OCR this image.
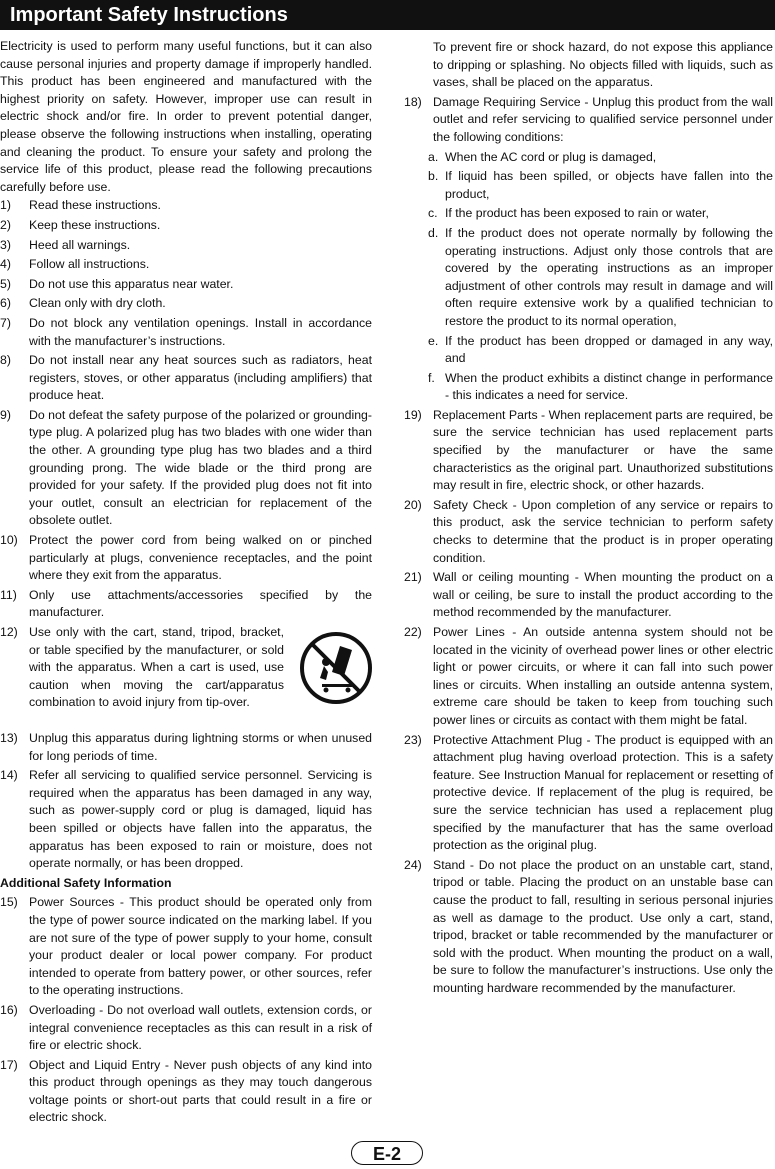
Important Safety Instructions

Electricity is used to perform many useful functions, but it can also cause personal injuries and property damage if improperly handled. This product has been engineered and manufactured with the highest priority on safety. However, improper use can result in electric shock and/or fire. In order to prevent potential danger, please observe the following instructions when installing, operating and cleaning the product. To ensure your safety and prolong the service life of this product, please read the following precautions carefully before use.

1) Read these instructions.
2) Keep these instructions.
3) Heed all warnings.
4) Follow all instructions.
5) Do not use this apparatus near water.
6) Clean only with dry cloth.
7) Do not block any ventilation openings. Install in accordance with the manufacturer’s instructions.
8) Do not install near any heat sources such as radiators, heat registers, stoves, or other apparatus (including amplifiers) that produce heat.
9) Do not defeat the safety purpose of the polarized or grounding-type plug. A polarized plug has two blades with one wider than the other. A grounding type plug has two blades and a third grounding prong. The wide blade or the third prong are provided for your safety. If the provided plug does not fit into your outlet, consult an electrician for replacement of the obsolete outlet.
10) Protect the power cord from being walked on or pinched particularly at plugs, convenience receptacles, and the point where they exit from the apparatus.
11) Only use attachments/accessories specified by the manufacturer.
12) Use only with the cart, stand, tripod, bracket, or table specified by the manufacturer, or sold with the apparatus. When a cart is used, use caution when moving the cart/apparatus combination to avoid injury from tip-over.
13) Unplug this apparatus during lightning storms or when unused for long periods of time.
14) Refer all servicing to qualified service personnel. Servicing is required when the apparatus has been damaged in any way, such as power-supply cord or plug is damaged, liquid has been spilled or objects have fallen into the apparatus, the apparatus has been exposed to rain or moisture, does not operate normally, or has been dropped.
Additional Safety Information
15) Power Sources - This product should be operated only from the type of power source indicated on the marking label. If you are not sure of the type of power supply to your home, consult your product dealer or local power company. For product intended to operate from battery power, or other sources, refer to the operating instructions.
16) Overloading - Do not overload wall outlets, extension cords, or integral convenience receptacles as this can result in a risk of fire or electric shock.
17) Object and Liquid Entry - Never push objects of any kind into this product through openings as they may touch dangerous voltage points or short-out parts that could result in a fire or electric shock.
To prevent fire or shock hazard, do not expose this appliance to dripping or splashing. No objects filled with liquids, such as vases, shall be placed on the apparatus.
18) Damage Requiring Service - Unplug this product from the wall outlet and refer servicing to qualified service personnel under the following conditions:
a. When the AC cord or plug is damaged,
b. If liquid has been spilled, or objects have fallen into the product,
c. If the product has been exposed to rain or water,
d. If the product does not operate normally by following the operating instructions. Adjust only those controls that are covered by the operating instructions as an improper adjustment of other controls may result in damage and will often require extensive work by a qualified technician to restore the product to its normal operation,
e. If the product has been dropped or damaged in any way, and
f. When the product exhibits a distinct change in performance - this indicates a need for service.
19) Replacement Parts - When replacement parts are required, be sure the service technician has used replacement parts specified by the manufacturer or have the same characteristics as the original part. Unauthorized substitutions may result in fire, electric shock, or other hazards.
20) Safety Check - Upon completion of any service or repairs to this product, ask the service technician to perform safety checks to determine that the product is in proper operating condition.
21) Wall or ceiling mounting - When mounting the product on a wall or ceiling, be sure to install the product according to the method recommended by the manufacturer.
22) Power Lines - An outside antenna system should not be located in the vicinity of overhead power lines or other electric light or power circuits, or where it can fall into such power lines or circuits. When installing an outside antenna system, extreme care should be taken to keep from touching such power lines or circuits as contact with them might be fatal.
23) Protective Attachment Plug - The product is equipped with an attachment plug having overload protection. This is a safety feature. See Instruction Manual for replacement or resetting of protective device. If replacement of the plug is required, be sure the service technician has used a replacement plug specified by the manufacturer that has the same overload protection as the original plug.
24) Stand - Do not place the product on an unstable cart, stand, tripod or table. Placing the product on an unstable base can cause the product to fall, resulting in serious personal injuries as well as damage to the product. Use only a cart, stand, tripod, bracket or table recommended by the manufacturer or sold with the product. When mounting the product on a wall, be sure to follow the manufacturer’s instructions. Use only the mounting hardware recommended by the manufacturer.
E-2
